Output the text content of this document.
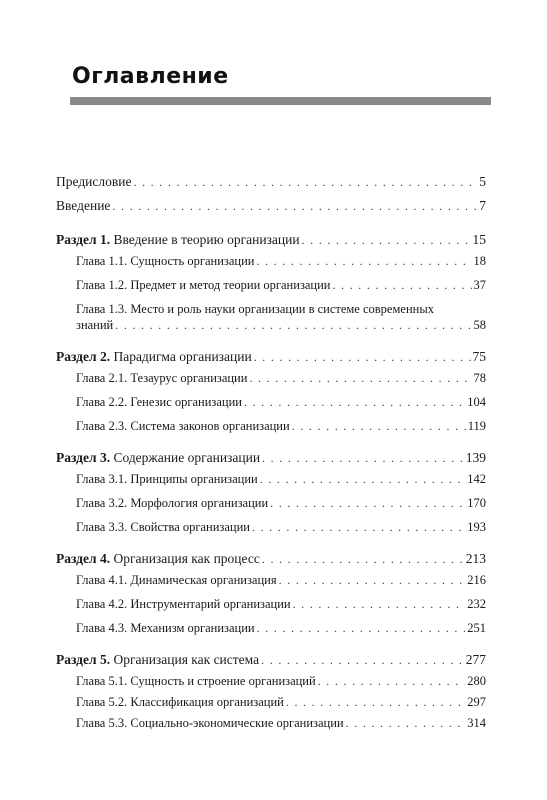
Оглавление
Предисловие . . .	5
Введение . . .	7
Раздел 1. Введение в теорию организации . . .	15
Глава 1.1. Сущность организации . . .	18
Глава 1.2. Предмет и метод теории организации . . .	37
Глава 1.3. Место и роль науки организации в системе современных
знаний . . .	58
Раздел 2. Парадигма организации . . .	75
Глава 2.1. Тезаурус организации . . .	78
Глава 2.2. Генезис организации . . .	104
Глава 2.3. Система законов организации . . .	119
Раздел 3. Содержание организации . . .	139
Глава 3.1. Принципы организации . . .	142
Глава 3.2. Морфология организации . . .	170
Глава 3.3. Свойства организации . . .	193
Раздел 4. Организация как процесс . . .	213
Глава 4.1. Динамическая организация . . .	216
Глава 4.2. Инструментарий организации . . .	232
Глава 4.3. Механизм организации . . .	251
Раздел 5. Организация как система . . .	277
Глава 5.1. Сущность и строение организаций . . .	280
Глава 5.2. Классификация организаций . . .	297
Глава 5.3. Социально-экономические организации . . .	314
